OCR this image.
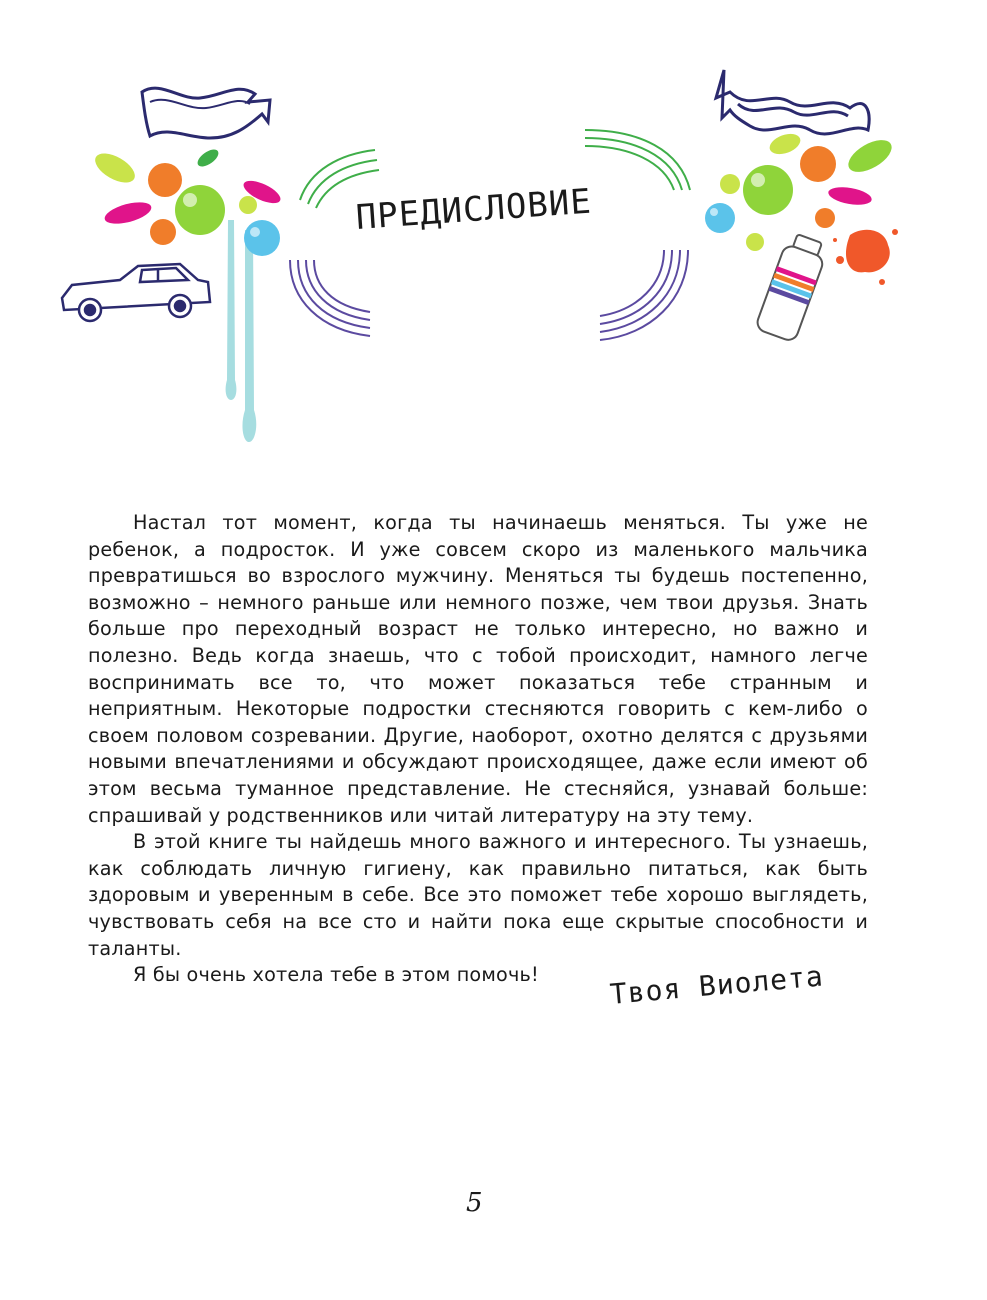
ПРЕДИСЛОВИЕ

Настал тот момент, когда ты начинаешь меняться. Ты уже не ребенок, а подросток. И уже совсем скоро из маленького мальчика превратишься во взрослого мужчину. Меняться ты будешь постепенно, возможно – немного раньше или немного позже, чем твои друзья. Знать больше про переходный возраст не только интересно, но важно и полезно. Ведь когда знаешь, что с тобой происходит, намного легче воспринимать все то, что может показаться тебе странным и неприятным. Некоторые подростки стесняются говорить с кем-либо о своем половом созревании. Другие, наоборот, охотно делятся с друзьями новыми впечатлениями и обсуждают происходящее, даже если имеют об этом весьма туманное представление. Не стесняйся, узнавай больше: спрашивай у родственников или читай литературу на эту тему.

В этой книге ты найдешь много важного и интересного. Ты узнаешь, как соблюдать личную гигиену, как правильно питаться, как быть здоровым и уверенным в себе. Все это поможет тебе хорошо выглядеть, чувствовать себя на все сто и найти пока еще скрытые способности и таланты.

Я бы очень хотела тебе в этом помочь!	Твоя Виолета
5
